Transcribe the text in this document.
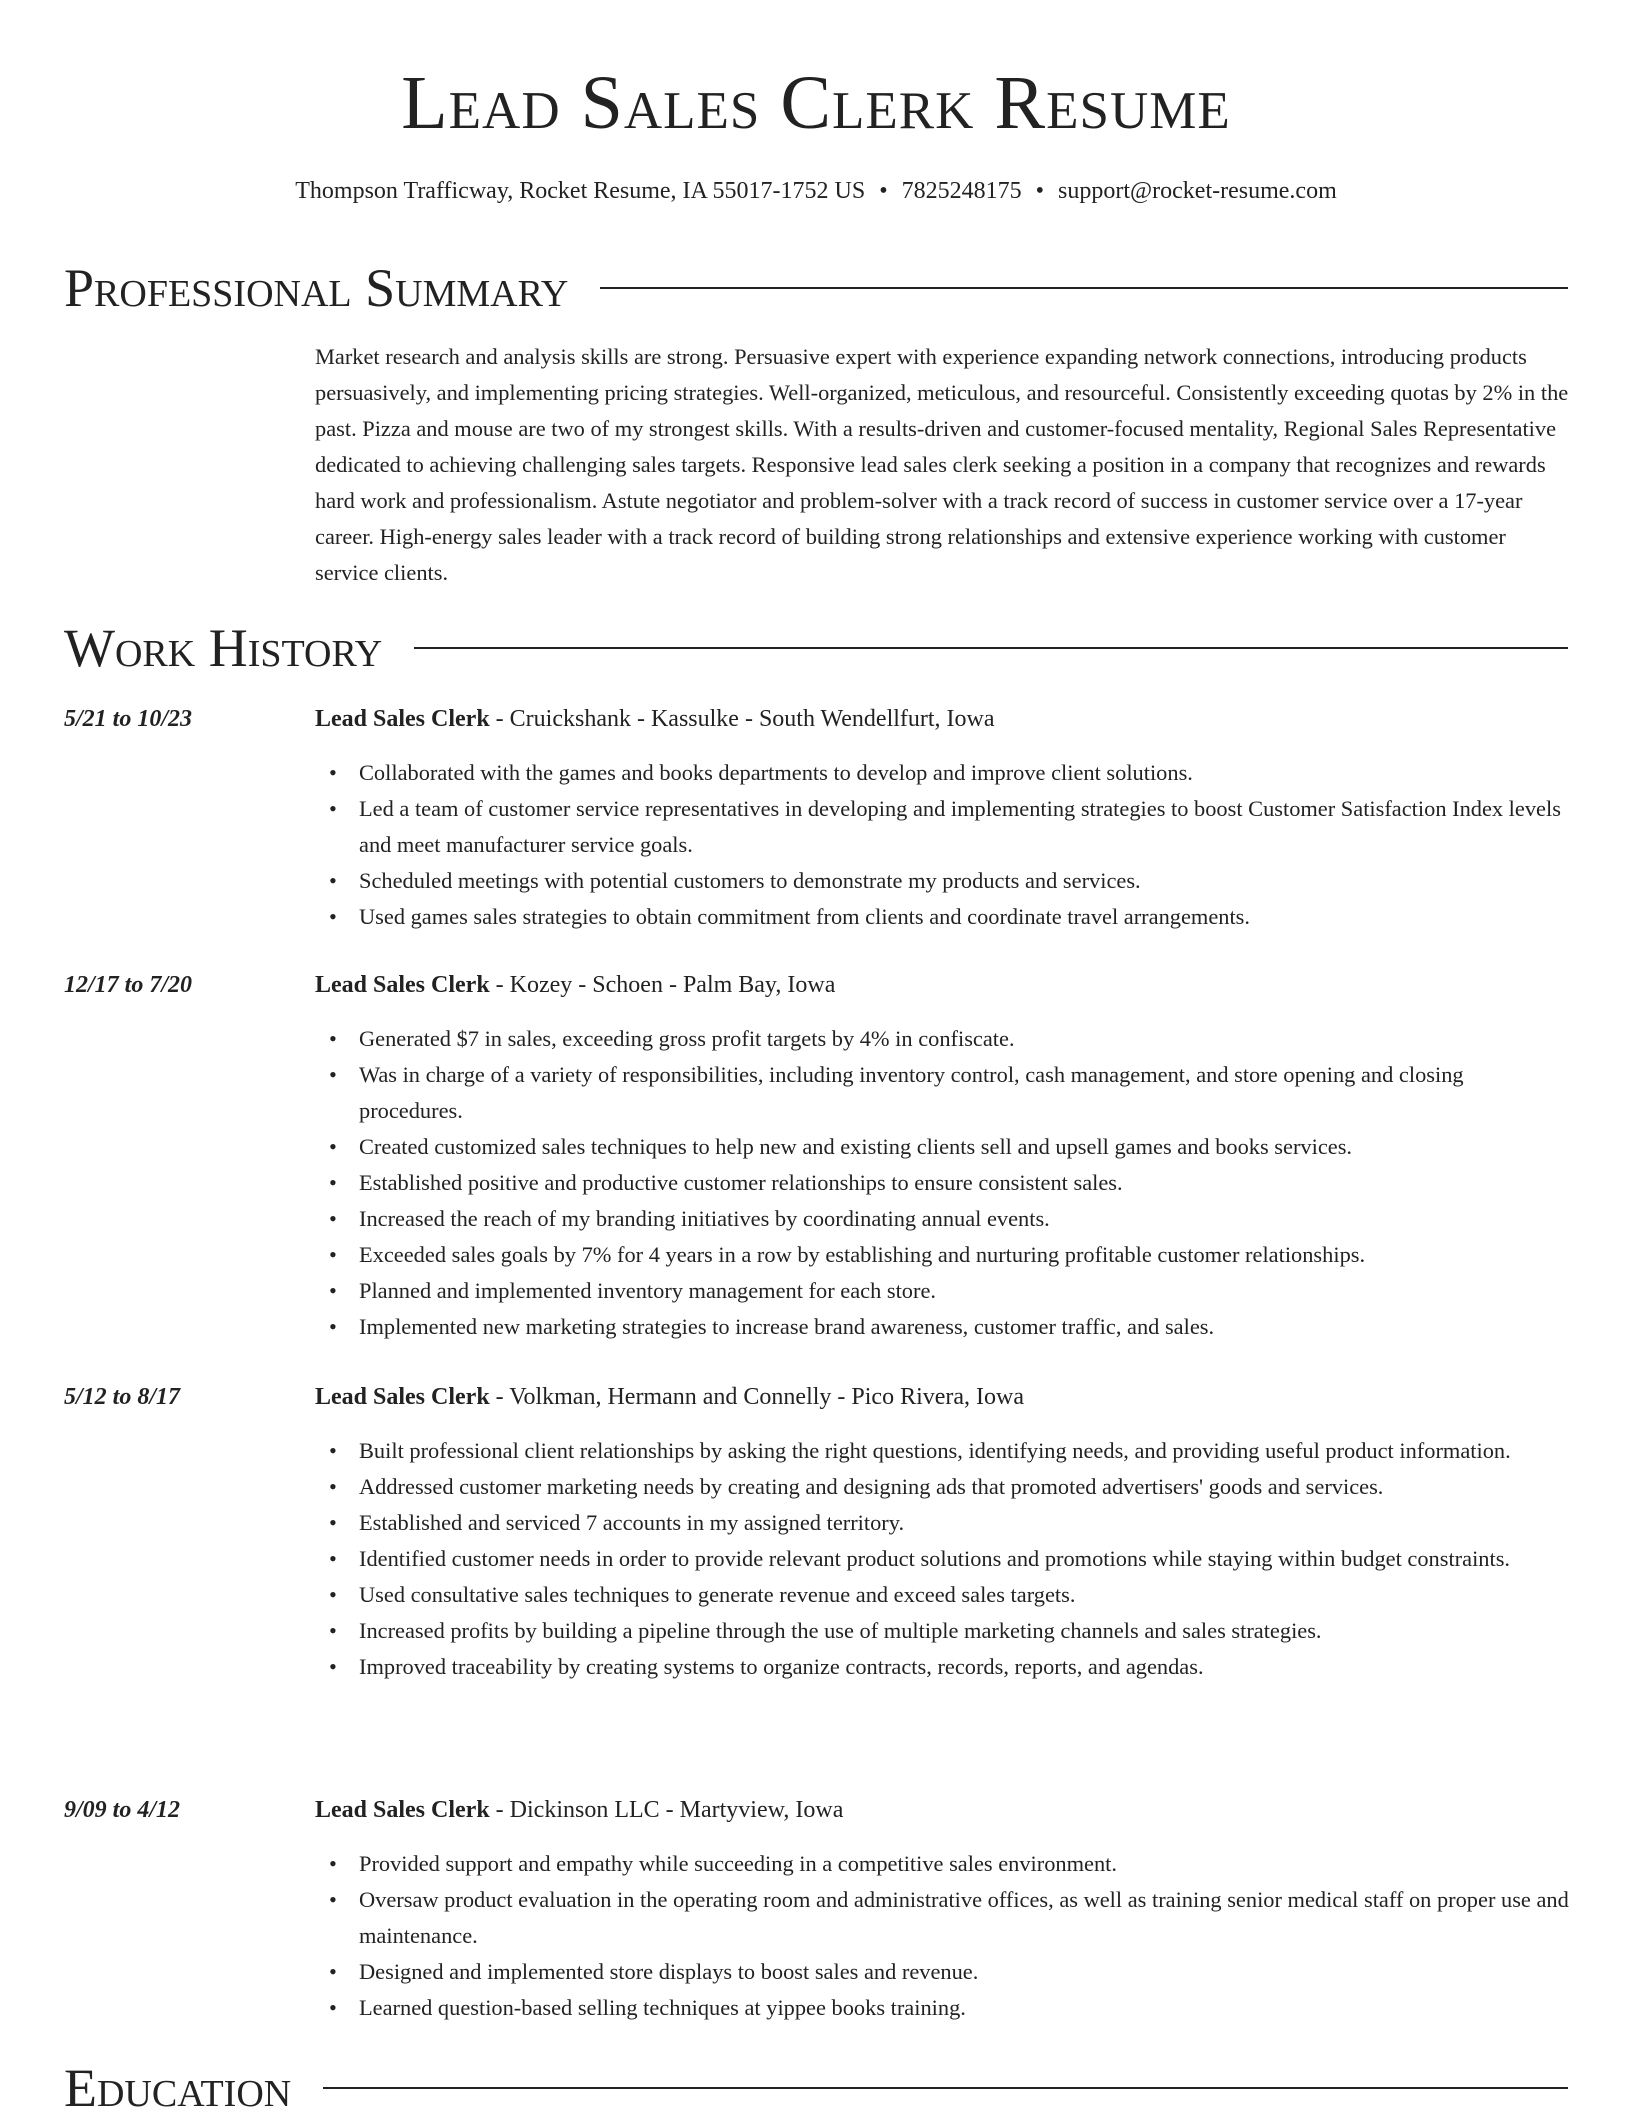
Lead Sales Clerk Resume

Thompson Trafficway, Rocket Resume, IA 55017-1752 US • 7825248175 • support@rocket-resume.com

Professional Summary

Market research and analysis skills are strong. Persuasive expert with experience expanding network connections, introducing products persuasively, and implementing pricing strategies. Well-organized, meticulous, and resourceful. Consistently exceeding quotas by 2% in the past. Pizza and mouse are two of my strongest skills. With a results-driven and customer-focused mentality, Regional Sales Representative dedicated to achieving challenging sales targets. Responsive lead sales clerk seeking a position in a company that recognizes and rewards hard work and professionalism. Astute negotiator and problem-solver with a track record of success in customer service over a 17-year career. High-energy sales leader with a track record of building strong relationships and extensive experience working with customer service clients.

Work History
5/21 to 10/23	Lead Sales Clerk - Cruickshank - Kassulke - South Wendellfurt, Iowa
• Collaborated with the games and books departments to develop and improve client solutions.
• Led a team of customer service representatives in developing and implementing strategies to boost Customer Satisfaction Index levels and meet manufacturer service goals.
• Scheduled meetings with potential customers to demonstrate my products and services.
• Used games sales strategies to obtain commitment from clients and coordinate travel arrangements.
12/17 to 7/20	Lead Sales Clerk - Kozey - Schoen - Palm Bay, Iowa
• Generated $7 in sales, exceeding gross profit targets by 4% in confiscate.
• Was in charge of a variety of responsibilities, including inventory control, cash management, and store opening and closing procedures.
• Created customized sales techniques to help new and existing clients sell and upsell games and books services.
• Established positive and productive customer relationships to ensure consistent sales.
• Increased the reach of my branding initiatives by coordinating annual events.
• Exceeded sales goals by 7% for 4 years in a row by establishing and nurturing profitable customer relationships.
• Planned and implemented inventory management for each store.
• Implemented new marketing strategies to increase brand awareness, customer traffic, and sales.
5/12 to 8/17	Lead Sales Clerk - Volkman, Hermann and Connelly - Pico Rivera, Iowa
• Built professional client relationships by asking the right questions, identifying needs, and providing useful product information.
• Addressed customer marketing needs by creating and designing ads that promoted advertisers' goods and services.
• Established and serviced 7 accounts in my assigned territory.
• Identified customer needs in order to provide relevant product solutions and promotions while staying within budget constraints.
• Used consultative sales techniques to generate revenue and exceed sales targets.
• Increased profits by building a pipeline through the use of multiple marketing channels and sales strategies.
• Improved traceability by creating systems to organize contracts, records, reports, and agendas.
9/09 to 4/12	Lead Sales Clerk - Dickinson LLC - Martyview, Iowa
• Provided support and empathy while succeeding in a competitive sales environment.
• Oversaw product evaluation in the operating room and administrative offices, as well as training senior medical staff on proper use and maintenance.
• Designed and implemented store displays to boost sales and revenue.
• Learned question-based selling techniques at yippee books training.
Education
